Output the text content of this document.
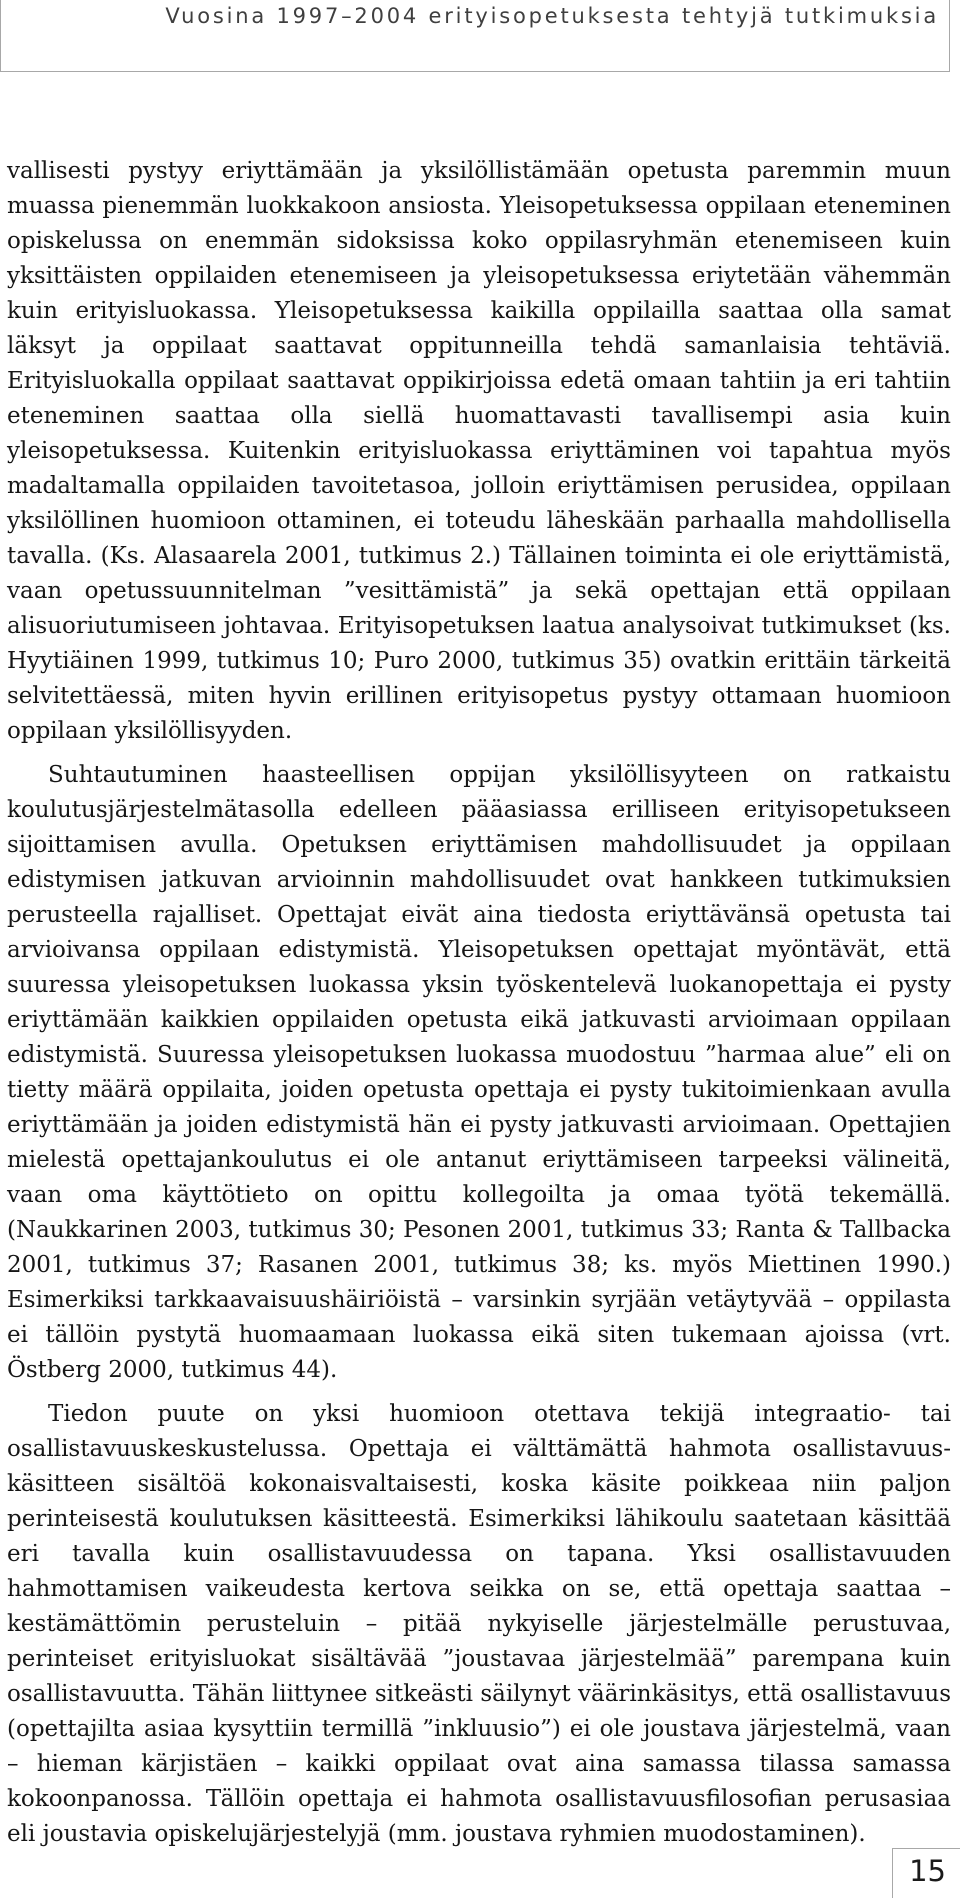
Vuosina 1997–2004 erityisopetuksesta tehtyjä tutkimuksia

vallisesti pystyy eriyttämään ja yksilöllistämään opetusta paremmin muun muassa pienemmän luokkakoon ansiosta. Yleisopetuksessa oppilaan eteneminen opiskelussa on enemmän sidoksissa koko oppilasryhmän etenemiseen kuin yksittäisten oppilaiden etenemiseen ja yleisopetuksessa eriytetään vähemmän kuin erityisluokassa. Yleisopetuksessa kaikilla oppilailla saattaa olla samat läksyt ja oppilaat saattavat oppitunneilla tehdä samanlaisia tehtäviä. Erityisluokalla oppilaat saattavat oppikirjoissa edetä omaan tahtiin ja eri tahtiin eteneminen saattaa olla siellä huomattavasti tavallisempi asia kuin yleisopetuksessa. Kuitenkin erityisluokassa eriyttäminen voi tapahtua myös madaltamalla oppilaiden tavoitetasoa, jolloin eriyttämisen perusidea, oppilaan yksilöllinen huomioon ottaminen, ei toteudu läheskään parhaalla mahdollisella tavalla. (Ks. Alasaarela 2001, tutkimus 2.) Tällainen toiminta ei ole eriyttämistä, vaan opetussuunnitelman ”vesittämistä” ja sekä opettajan että oppilaan alisuoriutumiseen johtavaa. Erityisopetuksen laatua analysoivat tutkimukset (ks. Hyytiäinen 1999, tutkimus 10; Puro 2000, tutkimus 35) ovatkin erittäin tärkeitä selvitettäessä, miten hyvin erillinen erityisopetus pystyy ottamaan huomioon oppilaan yksilöllisyyden.

Suhtautuminen haasteellisen oppijan yksilöllisyyteen on ratkaistu koulutusjärjestelmätasolla edelleen pääasiassa erilliseen erityisopetukseen sijoittamisen avulla. Opetuksen eriyttämisen mahdollisuudet ja oppilaan edistymisen jatkuvan arvioinnin mahdollisuudet ovat hankkeen tutkimuksien perusteella rajalliset. Opettajat eivät aina tiedosta eriyttävänsä opetusta tai arvioivansa oppilaan edistymistä. Yleisopetuksen opettajat myöntävät, että suuressa yleisopetuksen luokassa yksin työskentelevä luokanopettaja ei pysty eriyttämään kaikkien oppilaiden opetusta eikä jatkuvasti arvioimaan oppilaan edistymistä. Suuressa yleisopetuksen luokassa muodostuu ”harmaa alue” eli on tietty määrä oppilaita, joiden opetusta opettaja ei pysty tukitoimienkaan avulla eriyttämään ja joiden edistymistä hän ei pysty jatkuvasti arvioimaan. Opettajien mielestä opettajankoulutus ei ole antanut eriyttämiseen tarpeeksi välineitä, vaan oma käyttötieto on opittu kollegoilta ja omaa työtä tekemällä. (Naukkarinen 2003, tutkimus 30; Pesonen 2001, tutkimus 33; Ranta & Tallbacka 2001, tutkimus 37; Rasanen 2001, tutkimus 38; ks. myös Miettinen 1990.) Esimerkiksi tarkkaavaisuushäiriöistä – varsinkin syrjään vetäytyvää – oppilasta ei tällöin pystytä huomaamaan luokassa eikä siten tukemaan ajoissa (vrt. Östberg 2000, tutkimus 44).

Tiedon puute on yksi huomioon otettava tekijä integraatio- tai osallistavuuskeskustelussa. Opettaja ei välttämättä hahmota osallistavuus-käsitteen sisältöä kokonaisvaltaisesti, koska käsite poikkeaa niin paljon perinteisestä koulutuksen käsitteestä. Esimerkiksi lähikoulu saatetaan käsittää eri tavalla kuin osallistavuudessa on tapana. Yksi osallistavuuden hahmottamisen vaikeudesta kertova seikka on se, että opettaja saattaa – kestämättömin perusteluin – pitää nykyiselle järjestelmälle perustuvaa, perinteiset erityisluokat sisältävää ”joustavaa järjestelmää” parempana kuin osallistavuutta. Tähän liittynee sitkeästi säilynyt väärinkäsitys, että osallistavuus (opettajilta asiaa kysyttiin termillä ”inkluusio”) ei ole joustava järjestelmä, vaan – hieman kärjistäen – kaikki oppilaat ovat aina samassa tilassa samassa kokoonpanossa. Tällöin opettaja ei hahmota osallistavuusfilosofian perusasiaa eli joustavia opiskelujärjestelyjä (mm. joustava ryhmien muodostaminen).

15
